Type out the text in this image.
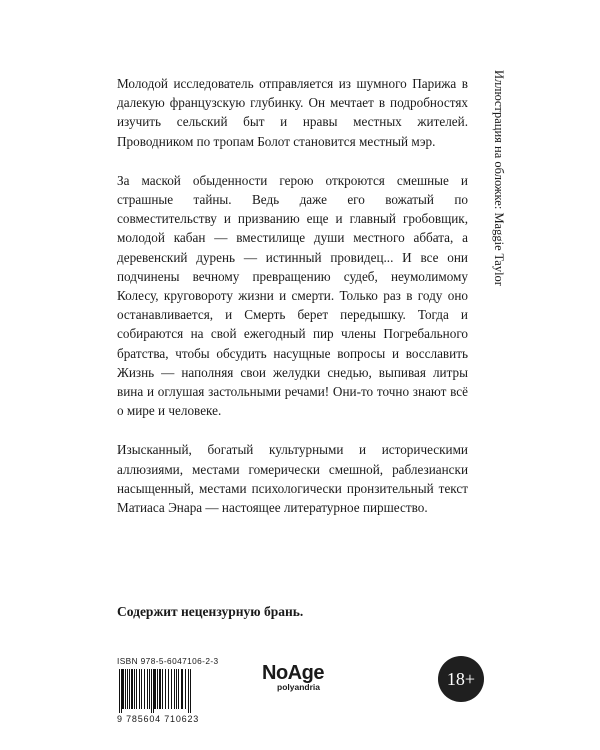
Молодой исследователь отправляется из шумного Парижа в далекую французскую глубинку. Он мечтает в подробностях изучить сельский быт и нравы местных жителей. Проводником по тропам Болот становится местный мэр.

За маской обыденности герою откроются смешные и страшные тайны. Ведь даже его вожатый по совместительству и призванию еще и главный гробовщик, молодой кабан — вместилище души местного аббата, а деревенский дурень — истинный провидец... И все они подчинены вечному превращению судеб, неумолимому Колесу, круговороту жизни и смерти. Только раз в году оно останавливается, и Смерть берет передышку. Тогда и собираются на свой ежегодный пир члены Погребального братства, чтобы обсудить насущные вопросы и восславить Жизнь — наполняя свои желудки снедью, выпивая литры вина и оглушая застольными речами! Они-то точно знают всё о мире и человеке.

Изысканный, богатый культурными и историческими аллюзиями, местами гомерически смешной, раблезиански насыщенный, местами психологически пронзительный текст Матиаса Энара — настоящее литературное пиршество.

Содержит нецензурную брань.
Иллюстрация на обложке: Maggie Taylor
ISBN 978-5-6047106-2-3
9 785604 710623
NoAge
polyandria	18+
